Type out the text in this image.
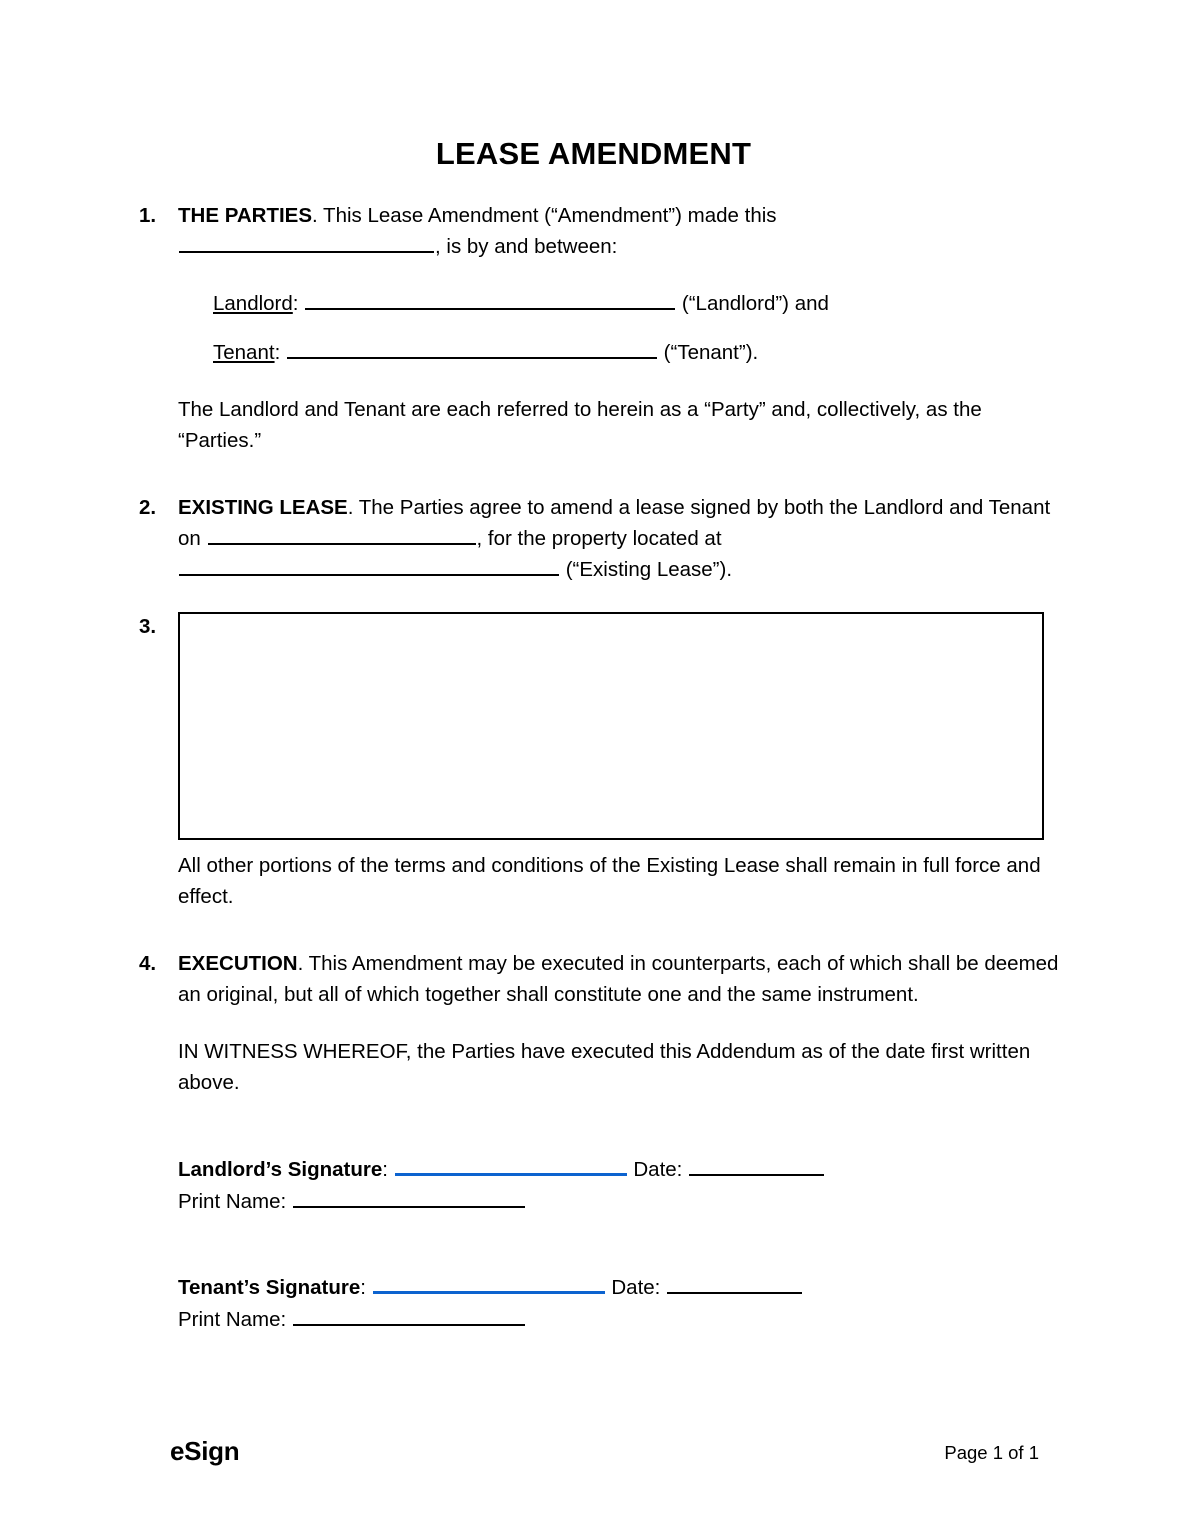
LEASE AMENDMENT
1. THE PARTIES. This Lease Amendment (“Amendment”) made this
, is by and between:
Landlord:	(“Landlord”) and
Tenant:	(“Tenant”).
The Landlord and Tenant are each referred to herein as a “Party” and, collectively, as the “Parties.”
2. EXISTING LEASE. The Parties agree to amend a lease signed by both the Landlord and Tenant on	, for the property located at
(“Existing Lease”).
3.
All other portions of the terms and conditions of the Existing Lease shall remain in full force and effect.
4. EXECUTION. This Amendment may be executed in counterparts, each of which shall be deemed an original, but all of which together shall constitute one and the same instrument.
IN WITNESS WHEREOF, the Parties have executed this Addendum as of the date first written above.
Landlord’s Signature:	Date:
Print Name:
Tenant’s Signature:	Date:
Print Name:
eSign	Page 1 of 1
